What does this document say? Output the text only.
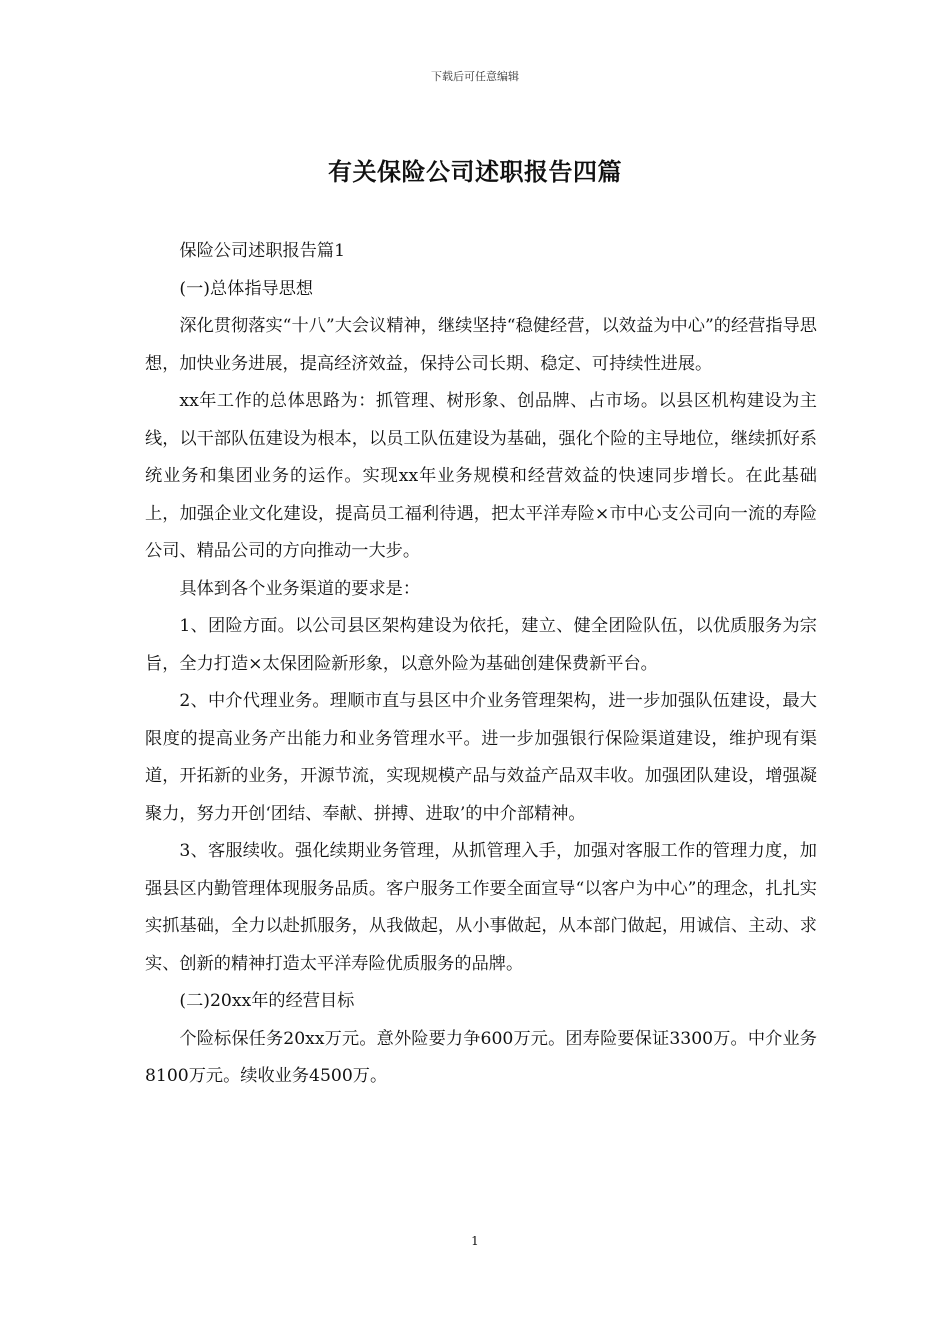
下载后可任意编辑
有关保险公司述职报告四篇

保险公司述职报告篇1

(一)总体指导思想

深化贯彻落实“十八”大会议精神，继续坚持“稳健经营，以效益为中心”的经营指导思想，加快业务进展，提高经济效益，保持公司长期、稳定、可持续性进展。

xx年工作的总体思路为：抓管理、树形象、创品牌、占市场。以县区机构建设为主线，以干部队伍建设为根本，以员工队伍建设为基础，强化个险的主导地位，继续抓好系统业务和集团业务的运作。实现xx年业务规模和经营效益的快速同步增长。在此基础上，加强企业文化建设，提高员工福利待遇，把太平洋寿险×市中心支公司向一流的寿险公司、精品公司的方向推动一大步。

具体到各个业务渠道的要求是：

1、团险方面。以公司县区架构建设为依托，建立、健全团险队伍，以优质服务为宗旨，全力打造×太保团险新形象，以意外险为基础创建保费新平台。

2、中介代理业务。理顺市直与县区中介业务管理架构，进一步加强队伍建设，最大限度的提高业务产出能力和业务管理水平。进一步加强银行保险渠道建设，维护现有渠道，开拓新的业务，开源节流，实现规模产品与效益产品双丰收。加强团队建设，增强凝聚力，努力开创‘团结、奉献、拼搏、进取’的中介部精神。

3、客服续收。强化续期业务管理，从抓管理入手，加强对客服工作的管理力度，加强县区内勤管理体现服务品质。客户服务工作要全面宣导“以客户为中心”的理念，扎扎实实抓基础，全力以赴抓服务，从我做起，从小事做起，从本部门做起，用诚信、主动、求实、创新的精神打造太平洋寿险优质服务的品牌。

(二)20xx年的经营目标

个险标保任务20xx万元。意外险要力争600万元。团寿险要保证3300万。中介业务8100万元。续收业务4500万。

1
